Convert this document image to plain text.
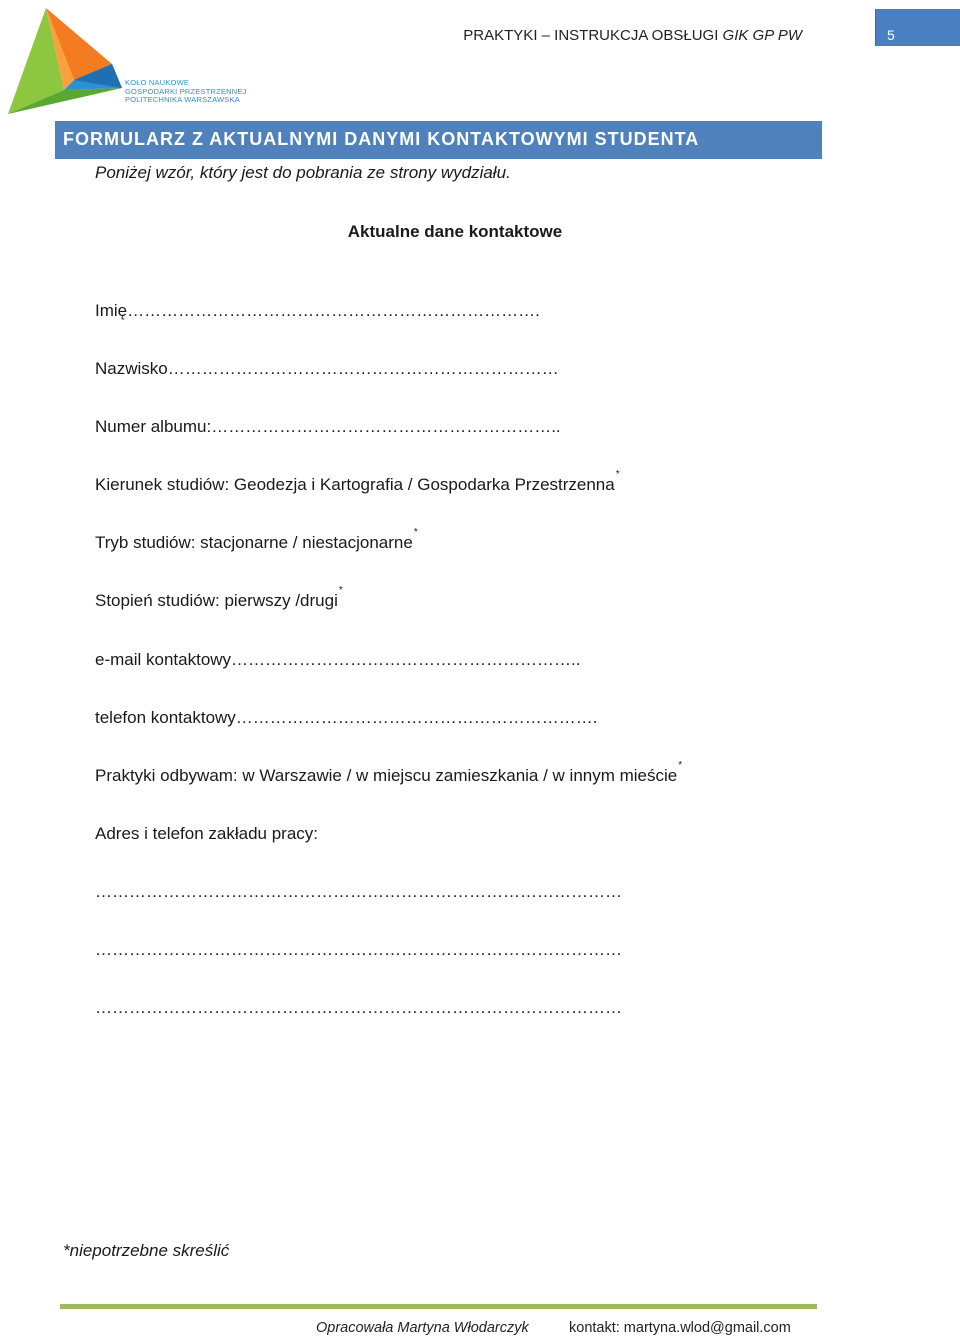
KOŁO NAUKOWE
GOSPODARKI PRZESTRZENNEJ
POLITECHNIKA WARSZAWSKA
PRAKTYKI – INSTRUKCJA OBSŁUGI GIK GP PW	5
FORMULARZ Z AKTUALNYMI DANYMI KONTAKTOWYMI STUDENTA
Poniżej wzór, który jest do pobrania ze strony wydziału.
Aktualne dane kontaktowe
Imię……………………………………………………………….
Nazwisko……………………………………………………………
Numer albumu:……………………………………………………..
Kierunek studiów: Geodezja i Kartografia / Gospodarka Przestrzenna*
Tryb studiów: stacjonarne / niestacjonarne*
Stopień studiów: pierwszy /drugi*
e-mail kontaktowy……………………………………………………..
telefon kontaktowy……………………………………………………….
Praktyki odbywam: w Warszawie / w miejscu zamieszkania / w innym mieście*
Adres i telefon zakładu pracy:
…………………………………………………………………………………
…………………………………………………………………………………
…………………………………………………………………………………
*niepotrzebne skreślić
Opracowała Martyna Włodarczyk	kontakt: martyna.wlod@gmail.com
